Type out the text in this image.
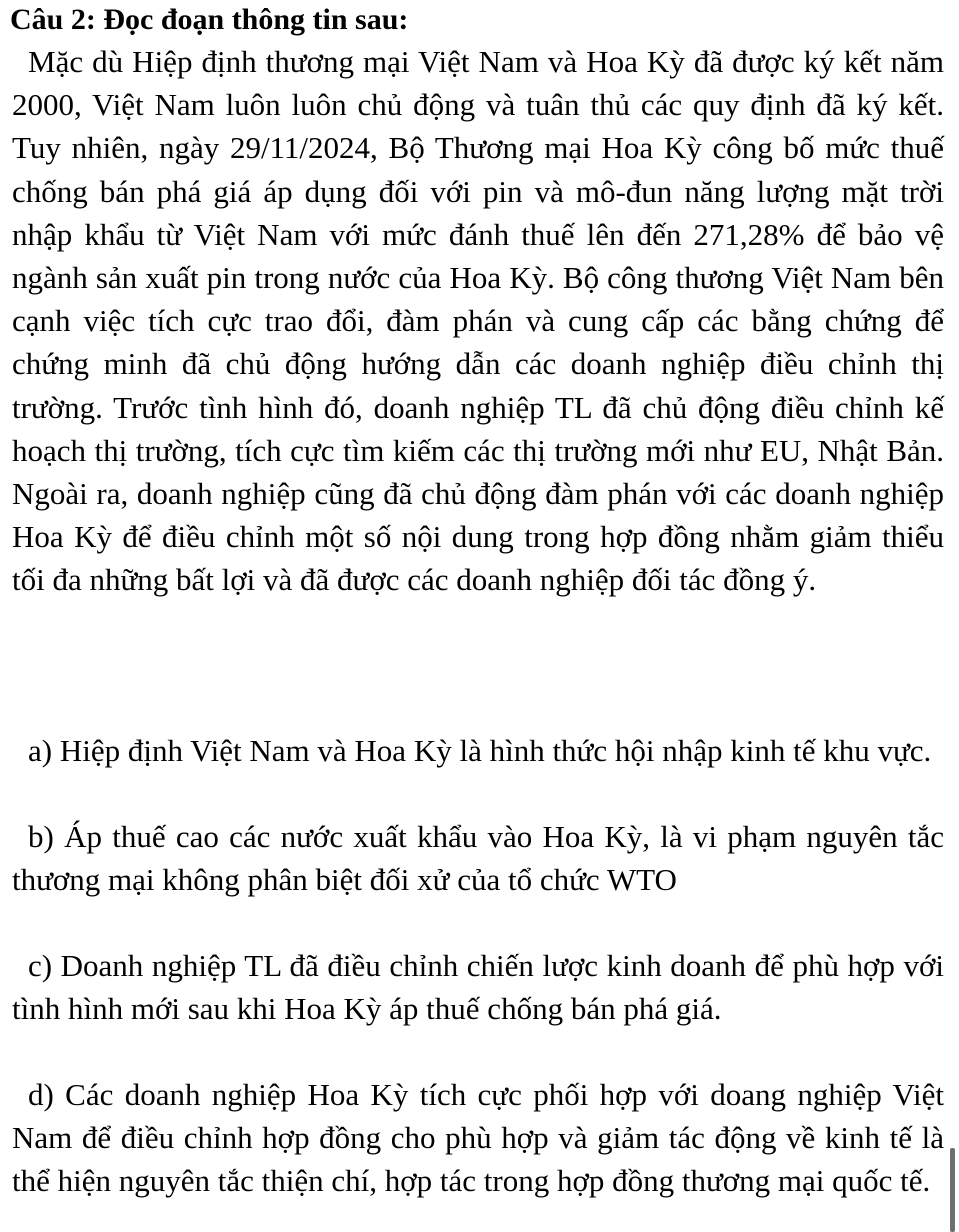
Câu 2: Đọc đoạn thông tin sau:
Mặc dù Hiệp định thương mại Việt Nam và Hoa Kỳ đã được ký kết năm 2000, Việt Nam luôn luôn chủ động và tuân thủ các quy định đã ký kết. Tuy nhiên, ngày 29/11/2024, Bộ Thương mại Hoa Kỳ công bố mức thuế chống bán phá giá áp dụng đối với pin và mô-đun năng lượng mặt trời nhập khẩu từ Việt Nam với mức đánh thuế lên đến 271,28% để bảo vệ ngành sản xuất pin trong nước của Hoa Kỳ. Bộ công thương Việt Nam bên cạnh việc tích cực trao đổi, đàm phán và cung cấp các bằng chứng để chứng minh đã chủ động hướng dẫn các doanh nghiệp điều chỉnh thị trường. Trước tình hình đó, doanh nghiệp TL đã chủ động điều chỉnh kế hoạch thị trường, tích cực tìm kiếm các thị trường mới như EU, Nhật Bản. Ngoài ra, doanh nghiệp cũng đã chủ động đàm phán với các doanh nghiệp Hoa Kỳ để điều chỉnh một số nội dung trong hợp đồng nhằm giảm thiểu tối đa những bất lợi và đã được các doanh nghiệp đối tác đồng ý.
a) Hiệp định Việt Nam và Hoa Kỳ là hình thức hội nhập kinh tế khu vực.
b) Áp thuế cao các nước xuất khẩu vào Hoa Kỳ, là vi phạm nguyên tắc thương mại không phân biệt đối xử của tổ chức WTO
c) Doanh nghiệp TL đã điều chỉnh chiến lược kinh doanh để phù hợp với tình hình mới sau khi Hoa Kỳ áp thuế chống bán phá giá.
d) Các doanh nghiệp Hoa Kỳ tích cực phối hợp với doang nghiệp Việt Nam để điều chỉnh hợp đồng cho phù hợp và giảm tác động về kinh tế là thể hiện nguyên tắc thiện chí, hợp tác trong hợp đồng thương mại quốc tế.
